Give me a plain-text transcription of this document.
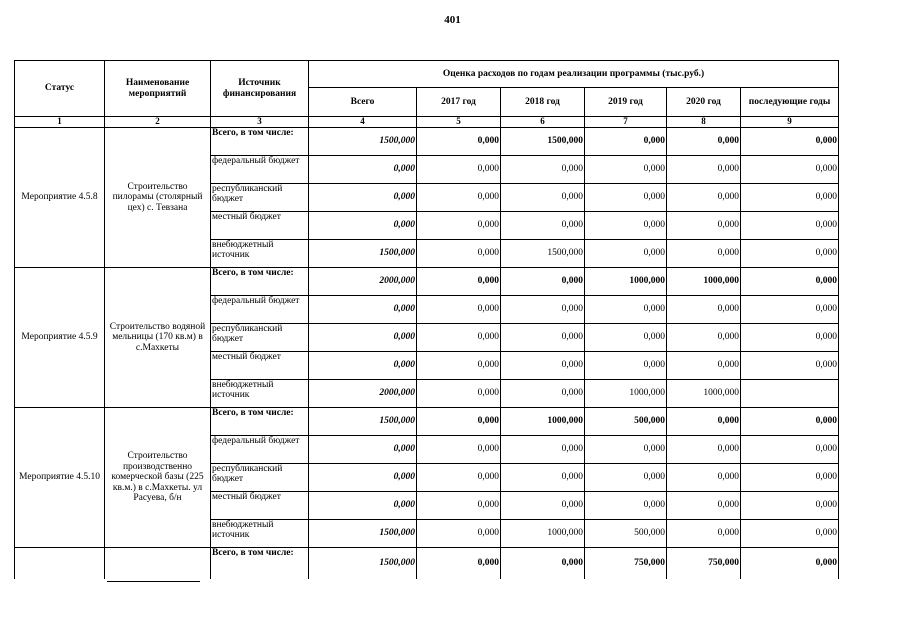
401
Статус	Наименование мероприятий	Источник финансирования	Оценка расходов по годам реализации программы (тыс.руб.)					
			Всего	2017 год	2018 год	2019 год	2020 год	последующие годы
1	2	3	4	5	6	7	8	9
Мероприятие 4.5.8	Строительство пилорамы (столярный цех) с. Тевзана	Всего, в том числе:	1500,000	0,000	1500,000	0,000	0,000	0,000
		федеральный бюджет	0,000	0,000	0,000	0,000	0,000	0,000
		республиканский бюджет	0,000	0,000	0,000	0,000	0,000	0,000
		местный бюджет	0,000	0,000	0,000	0,000	0,000	0,000
		внебюджетный источник	1500,000	0,000	1500,000	0,000	0,000	0,000
Мероприятие 4.5.9	Строительство водяной мельницы (170 кв.м) в с.Махкеты	Всего, в том числе:	2000,000	0,000	0,000	1000,000	1000,000	0,000
		федеральный бюджет	0,000	0,000	0,000	0,000	0,000	0,000
		республиканский бюджет	0,000	0,000	0,000	0,000	0,000	0,000
		местный бюджет	0,000	0,000	0,000	0,000	0,000	0,000
		внебюджетный источник	2000,000	0,000	0,000	1000,000	1000,000	
Мероприятие 4.5.10	Строительство производственно комерческой базы (225 кв.м.) в с.Махкеты. ул Расуева, б/н	Всего, в том числе:	1500,000	0,000	1000,000	500,000	0,000	0,000
		федеральный бюджет	0,000	0,000	0,000	0,000	0,000	0,000
		республиканский бюджет	0,000	0,000	0,000	0,000	0,000	0,000
		местный бюджет	0,000	0,000	0,000	0,000	0,000	0,000
		внебюджетный источник	1500,000	0,000	1000,000	500,000	0,000	0,000
		Всего, в том числе:	1500,000	0,000	0,000	750,000	750,000	0,000
